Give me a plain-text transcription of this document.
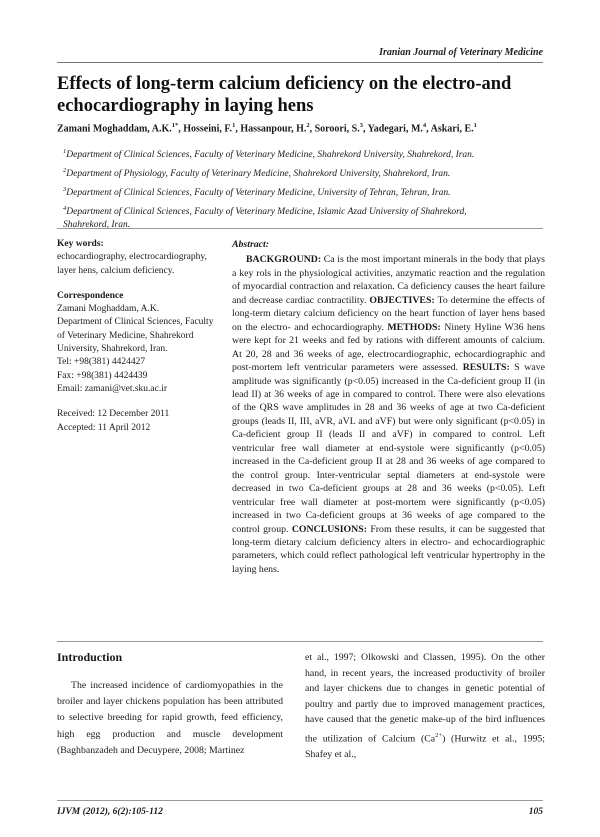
Iranian Journal of Veterinary Medicine
Effects of long-term calcium deficiency on the electro-and echocardiography in laying hens
Zamani Moghaddam, A.K.$^{1*}$, Hosseini, F.$^1$, Hassanpour, H.$^2$, Soroori, S.$^3$, Yadegari, M.$^4$, Askari, E.$^1$
$^1$Department of Clinical Sciences, Faculty of Veterinary Medicine, Shahrekord University, Shahrekord, Iran.
$^2$Department of Physiology, Faculty of Veterinary Medicine, Shahrekord University, Shahrekord, Iran.
$^3$Department of Clinical Sciences, Faculty of Veterinary Medicine, University of Tehran, Tehran, Iran.
$^4$Department of Clinical Sciences, Faculty of Veterinary Medicine, Islamic Azad University of Shahrekord, Shahrekord, Iran.

Key words:

echocardiography, electrocardiography, layer hens, calcium deficiency.

Correspondence

Zamani Moghaddam, A.K.

Department of Clinical Sciences, Faculty of Veterinary Medicine, Shahrekord University, Shahrekord, Iran.

Tel: +98(381) 4424427

Fax: +98(381) 4424439

Email: zamani@vet.sku.ac.ir

Received: 12 December 2011

Accepted: 11 April 2012

Abstract:

BACKGROUND: Ca is the most important minerals in the body that plays a key rols in the physiological activities, anzymatic reaction and the regulation of myocardial contraction and relaxation. Ca deficiency causes the heart failure and decrease cardiac contractility. OBJECTIVES: To determine the effects of long-term dietary calcium deficiency on the heart function of layer hens based on the electro- and echocardiography. METHODS: Ninety Hyline W36 hens were kept for 21 weeks and fed by rations with different amounts of calcium. At 20, 28 and 36 weeks of age, electrocardiographic, echocardiographic and post-mortem left ventricular parameters were assessed. RESULTS: S wave amplitude was significantly (p<0.05) increased in the Ca-deficient group II (in lead II) at 36 weeks of age in compared to control. There were also elevations of the QRS wave amplitudes in 28 and 36 weeks of age at two Ca-deficient groups (leads II, III, aVR, aVL and aVF) but were only significant (p<0.05) in Ca-deficient group II (leads II and aVF) in compared to control. Left ventricular free wall diameter at end-systole were significantly (p<0.05) increased in the Ca-deficient group II at 28 and 36 weeks of age compared to the control group. Inter-ventricular septal diameters at end-systole were decreased in two Ca-deficient groups at 28 and 36 weeks (p<0.05). Left ventricular free wall diameter at post-mortem were significantly (p<0.05) increased in two Ca-deficient groups at 36 weeks of age compared to the control group. CONCLUSIONS: From these results, it can be suggested that long-term dietary calcium deficiency alters in electro- and echocardiographic parameters, which could reflect pathological left ventricular hypertrophy in the laying hens.

Introduction

The increased incidence of cardiomyopathies in the broiler and layer chickens population has been attributed to selective breeding for rapid growth, feed efficiency, high egg production and muscle development (Baghbanzadeh and Decuypere, 2008; Martinez

et al., 1997; Olkowski and Classen, 1995). On the other hand, in recent years, the increased productivity of broiler and layer chickens due to changes in genetic potential of poultry and partly due to improved management practices, have caused that the genetic make-up of the bird influences the utilization of Calcium $(Ca^{2+})$ (Hurwitz et al., 1995; Shafey et al.,

IJVM (2012), 6(2):105-112	105
